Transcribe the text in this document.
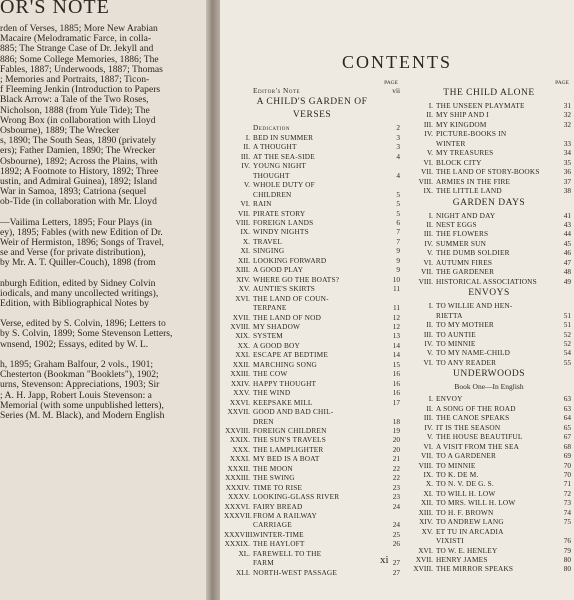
OR'S NOTE
rden of Verses, 1885; More New Arabian
Macaire (Melodramatic Farce, in colla-
885; The Strange Case of Dr. Jekyll and
886; Some College Memories, 1886; The
Fables, 1887; Underwoods, 1887; Thomas
; Memories and Portraits, 1887; Ticon-
f Fleeming Jenkin (Introduction to Papers
Black Arrow: a Tale of the Two Roses,
Nicholson, 1888 (from Yule Tide); The
Wrong Box (in collaboration with Lloyd
Osbourne), 1889; The Wrecker
s, 1890; The South Seas, 1890 (privately
ers); Father Damien, 1890; The Wrecker
Osbourne), 1892; Across the Plains, with
1892; A Footnote to History, 1892; Three
ustin, and Admiral Guinea), 1892; Island
War in Samoa, 1893; Catriona (sequel
ob-Tide (in collaboration with Mr. Lloyd
—Vailima Letters, 1895; Four Plays (in
ey), 1895; Fables (with new Edition of Dr.
Weir of Hermiston, 1896; Songs of Travel,
se and Verse (for private distribution),
by Mr. A. T. Quiller-Couch), 1898 (from
nburgh Edition, edited by Sidney Colvin
iodicals, and many uncollected writings),
Edition, with Bibliographical Notes by
Verse, edited by S. Colvin, 1896; Letters to
by S. Colvin, 1899; Some Stevenson Letters,
wnsend, 1902; Essays, edited by W. L.
h, 1895; Graham Balfour, 2 vols., 1901;
Chesterton (Bookman "Booklets"), 1902;
urns, Stevenson: Appreciations, 1903; Sir
; A. H. Japp, Robert Louis Stevenson: a
Memorial (with some unpublished letters),
Series (M. M. Black), and Modern English
CONTENTS
PAGE
Editor's Note	vii
A CHILD'S GARDEN OF
VERSES
Dedication	2
I. BED IN SUMMER	3
II. A THOUGHT	3
III. AT THE SEA-SIDE	4
IV. YOUNG NIGHT
THOUGHT	4
V. WHOLE DUTY OF
CHILDREN	5
VI. RAIN	5
VII. PIRATE STORY	5
VIII. FOREIGN LANDS	6
IX. WINDY NIGHTS	7
X. TRAVEL	7
XI. SINGING	9
XII. LOOKING FORWARD	9
XIII. A GOOD PLAY	9
XIV. WHERE GO THE BOATS?	10
XV. AUNTIE'S SKIRTS	11
XVI. THE LAND OF COUN-
TERPANE	11
XVII. THE LAND OF NOD	12
XVIII. MY SHADOW	12
XIX. SYSTEM	13
XX. A GOOD BOY	14
XXI. ESCAPE AT BEDTIME	14
XXII. MARCHING SONG	15
XXIII. THE COW	16
XXIV. HAPPY THOUGHT	16
XXV. THE WIND	16
XXVI. KEEPSAKE MILL	17
XXVII. GOOD AND BAD CHIL-
DREN	18
XXVIII. FOREIGN CHILDREN	19
XXIX. THE SUN'S TRAVELS	20
XXX. THE LAMPLIGHTER	20
XXXI. MY BED IS A BOAT	21
XXXII. THE MOON	22
XXXIII. THE SWING	22
XXXIV. TIME TO RISE	23
XXXV. LOOKING-GLASS RIVER	23
XXXVI. FAIRY BREAD	24
XXXVII. FROM A RAILWAY
CARRIAGE	24
XXXVIII.
WINTER-TIME	25
XXXIX. THE HAYLOFT	26
XL. FAREWELL TO THE
FARM	27
XLI. NORTH-WEST PASSAGE	27
PAGE
THE CHILD ALONE
I. THE UNSEEN PLAYMATE	31
II. MY SHIP AND I	32
III. MY KINGDOM	32
IV. PICTURE-BOOKS IN
WINTER	33
V. MY TREASURES	34
VI. BLOCK CITY	35
VII. THE LAND OF STORY-BOOKS	36
VIII. ARMIES IN THE FIRE	37
IX. THE LITTLE LAND	38
GARDEN DAYS
I. NIGHT AND DAY	41
II. NEST EGGS	43
III. THE FLOWERS	44
IV. SUMMER SUN	45
V. THE DUMB SOLDIER	46
VI. AUTUMN FIRES	47
VII. THE GARDENER	48
VIII. HISTORICAL ASSOCIATIONS	49
ENVOYS
I. TO WILLIE AND HEN-
RIETTA	51
II. TO MY MOTHER	51
III. TO AUNTIE	52
IV. TO MINNIE	52
V. TO MY NAME-CHILD	54
VI. TO ANY READER	55
UNDERWOODS
Book One—In English
I. ENVOY	63
II. A SONG OF THE ROAD	63
III. THE CANOE SPEAKS	64
IV. IT IS THE SEASON	65
V. THE HOUSE BEAUTIFUL	67
VI. A VISIT FROM THE SEA	68
VII. TO A GARDENER	69
VIII. TO MINNIE	70
IX. TO K. DE M.	70
X. TO N. V. DE G. S.	71
XI. TO WILL H. LOW	72
XII. TO MRS. WILL H. LOW	73
XIII. TO H. F. BROWN	74
XIV. TO ANDREW LANG	75
XV. ET TU IN ARCADIA
VIXISTI	76
XVI. TO W. E. HENLEY	79
XVII. HENRY JAMES	80
XVIII. THE MIRROR SPEAKS	80
xi
